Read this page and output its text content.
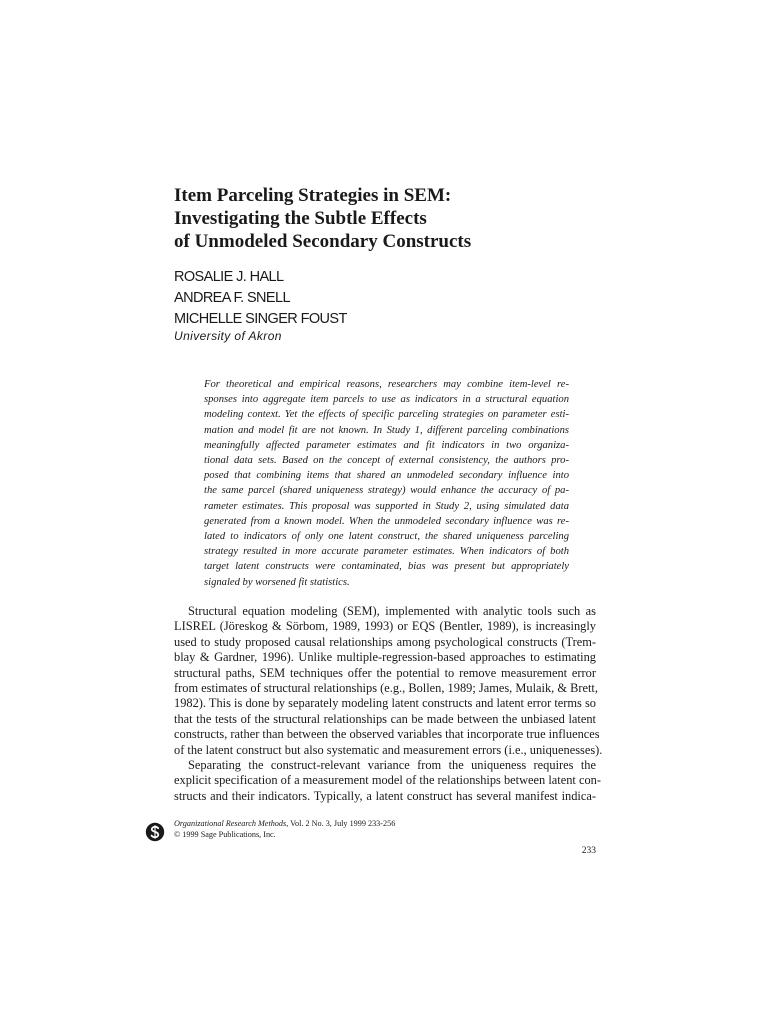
Item Parceling Strategies in SEM:
Investigating the Subtle Effects
of Unmodeled Secondary Constructs
ROSALIE J. HALL
ANDREA F. SNELL
MICHELLE SINGER FOUST
University of Akron
For theoretical and empirical reasons, researchers may combine item-level re-
sponses into aggregate item parcels to use as indicators in a structural equation
modeling context. Yet the effects of specific parceling strategies on parameter esti-
mation and model fit are not known. In Study 1, different parceling combinations
meaningfully affected parameter estimates and fit indicators in two organiza-
tional data sets. Based on the concept of external consistency, the authors pro-
posed that combining items that shared an unmodeled secondary influence into
the same parcel (shared uniqueness strategy) would enhance the accuracy of pa-
rameter estimates. This proposal was supported in Study 2, using simulated data
generated from a known model. When the unmodeled secondary influence was re-
lated to indicators of only one latent construct, the shared uniqueness parceling
strategy resulted in more accurate parameter estimates. When indicators of both
target latent constructs were contaminated, bias was present but appropriately
signaled by worsened fit statistics.
Structural equation modeling (SEM), implemented with analytic tools such as
LISREL (Jöreskog & Sörbom, 1989, 1993) or EQS (Bentler, 1989), is increasingly
used to study proposed causal relationships among psychological constructs (Trem-
blay & Gardner, 1996). Unlike multiple-regression-based approaches to estimating
structural paths, SEM techniques offer the potential to remove measurement error
from estimates of structural relationships (e.g., Bollen, 1989; James, Mulaik, & Brett,
1982). This is done by separately modeling latent constructs and latent error terms so
that the tests of the structural relationships can be made between the unbiased latent
constructs, rather than between the observed variables that incorporate true influences
of the latent construct but also systematic and measurement errors (i.e., uniquenesses).
Separating the construct-relevant variance from the uniqueness requires the
explicit specification of a measurement model of the relationships between latent con-
structs and their indicators. Typically, a latent construct has several manifest indica-
Organizational Research Methods, Vol. 2 No. 3, July 1999 233-256
© 1999 Sage Publications, Inc.
233
